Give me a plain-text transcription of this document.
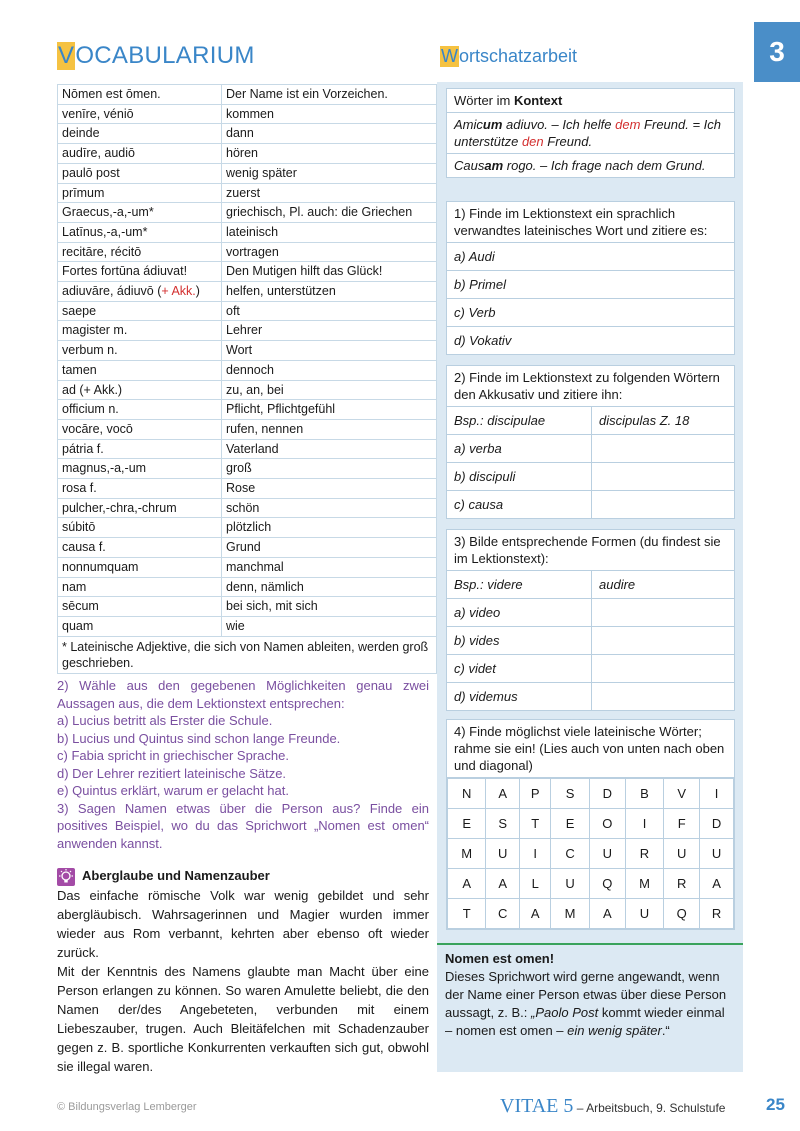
VOCABULARIUM	Wortschatzarbeit	3
Nōmen est ōmen.	Der Name ist ein Vorzeichen.
venīre, véniō	kommen
deinde	dann
audīre, audiō	hören
paulō post	wenig später
prīmum	zuerst
Graecus,-a,-um*	griechisch, Pl. auch: die Griechen
Latīnus,-a,-um*	lateinisch
recitāre, récitō	vortragen
Fortes fortūna ádiuvat!	Den Mutigen hilft das Glück!
adiuvāre, ádiuvō (+ Akk.)	helfen, unterstützen
saepe	oft
magister m.	Lehrer
verbum n.	Wort
tamen	dennoch
ad (+ Akk.)	zu, an, bei
officium n.	Pflicht, Pflichtgefühl
vocāre, vocō	rufen, nennen
pátria f.	Vaterland
magnus,-a,-um	groß
rosa f.	Rose
pulcher,-chra,-chrum	schön
súbitō	plötzlich
causa f.	Grund
nonnumquam	manchmal
nam	denn, nämlich
sēcum	bei sich, mit sich
quam	wie
* Lateinische Adjektive, die sich von Namen ableiten, werden groß geschrieben.	

2) Wähle aus den gegebenen Möglichkeiten genau zwei Aussagen aus, die dem Lektionstext entsprechen:

a) Lucius betritt als Erster die Schule.

b) Lucius und Quintus sind schon lange Freunde.

c) Fabia spricht in griechischer Sprache.

d) Der Lehrer rezitiert lateinische Sätze.

e) Quintus erklärt, warum er gelacht hat.

3) Sagen Namen etwas über die Person aus? Finde ein positives Beispiel, wo du das Sprichwort „Nomen est omen“ anwenden kannst.

Aberglaube und Namenzauber

Das einfache römische Volk war wenig gebildet und sehr abergläubisch. Wahrsagerinnen und Magier wurden immer wieder aus Rom verbannt, kehrten aber ebenso oft wieder zurück.

Mit der Kenntnis des Namens glaubte man Macht über eine Person erlangen zu können. So waren Amulette beliebt, die den Namen der/des Angebeteten, verbunden mit einem Liebeszauber, trugen. Auch Bleitäfelchen mit Schadenzauber gegen z. B. sportliche Konkurrenten verkauften sich gut, obwohl sie illegal waren.

Wörter im Kontext
Amicum adiuvo. – Ich helfe dem Freund. = Ich unterstütze den Freund.
Causam rogo. – Ich frage nach dem Grund.
1) Finde im Lektionstext ein sprachlich verwandtes lateinisches Wort und zitiere es:
a) Audi
b) Primel
c) Verb
d) Vokativ
2) Finde im Lektionstext zu folgenden Wörtern den Akkusativ und zitiere ihn:
Bsp.: discipulae	discipulas Z. 18
a) verba
b) discipuli
c) causa
3) Bilde entsprechende Formen (du findest sie im Lektionstext):
Bsp.: videre	audire
a) video
b) vides
c) videt
d) videmus
4) Finde möglichst viele lateinische Wörter; rahme sie ein! (Lies auch von unten nach oben und diagonal)
N	A	P	S	D	B	V	I
E	S	T	E	O	I	F	D
M	U	I	C	U	R	U	U
A	A	L	U	Q	M	R	A
T	C	A	M	A	U	Q	R
Nomen est omen!
Dieses Sprichwort wird gerne angewandt, wenn der Name einer Person etwas über diese Person aussagt, z. B.: „Paolo Post kommt wieder einmal – nomen est omen – ein wenig später.“
© Bildungsverlag Lemberger	VITAE 5 – Arbeitsbuch, 9. Schulstufe 25
